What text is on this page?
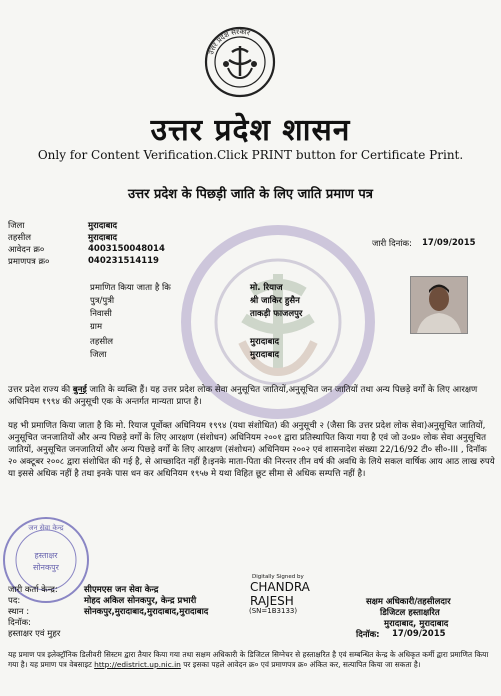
उत्तर प्रदेश सरकार
उत्तर प्रदेश शासन
Only for Content Verification.Click PRINT button for Certificate Print.
उत्तर प्रदेश के पिछड़ी जाति के लिए जाति प्रमाण पत्र
जिला	मुरादाबाद
तहसील	मुरादाबाद
आवेदन क्र०	4003150048014
प्रमाणपत्र क्र०	040231514119
जारी दिनांक: 17/09/2015
प्रमाणित किया जाता है कि	मो. रियाज
पुत्र/पुत्री	श्री जाकिर हुसैन
निवासी	ताकड़ी फाजलपुर
ग्राम
तहसील	मुरादाबाद
जिला	मुरादाबाद
उत्तर प्रदेश राज्य की बुनई जाति के व्यक्ति हैं। यह उत्तर प्रदेश लोक सेवा अनुसूचित जातियों,अनुसूचित जन जातियों तथा अन्य पिछड़े वर्गों के लिए आरक्षण अधिनियम १९९४ की अनुसूची एक के अन्तर्गत मान्यता प्राप्त है।
यह भी प्रमाणित किया जाता है कि मो. रियाज पूर्वोक्त अधिनियम १९९४ (यथा संशोधित) की अनुसूची २ (जैसा कि उत्तर प्रदेश लोक सेवा)अनुसूचित जातियों, अनुसूचित जनजातियों और अन्य पिछड़े वर्गों के लिए आरक्षण (संशोधन) अधिनियम २००१ द्वारा प्रतिस्थापित किया गया है एवं जो उ०प्र० लोक सेवा अनुसूचित जातियों, अनुसूचित जनजातियों और अन्य पिछड़े वर्गों के लिए आरक्षण (संशोधन) अधिनियम २००२ एवं शासनादेश संख्या 22/16/92 टी० सी०-III , दिनॉक २० अक्टूबर २००८ द्वारा संशोधित की गई है, से आच्छादित नहीं है।इनके माता-पिता की निरन्तर तीन वर्ष की अवधि के लिये सकल वार्षिक आय आठ लाख रुपये या इससे अधिक नहीं है तथा इनके पास धन कर अधिनियम १९५७ मे यथा विहित छूट सीमा से अधिक सम्पत्ति नहीं है।
जन सेवा केन्द्र
हस्ताक्षर
सोनकपुर
जारी कर्ता केन्द्र:	सीएमएस जन सेवा केन्द्र
पद:	मोहद अकिल सोनकपुर, केन्द्र प्रभारी
स्थान :	सोनकपुर,मुरादाबाद,मुरादाबाद,मुरादाबाद
दिनॉक:
हस्ताक्षर एवं मुहर
Digitally Signed by
CHANDRA
RAJESH
(SN=1B3133)
सक्षम अधिकारी/तहसीलदार
डिजिटल हस्ताक्षरित
मुरादाबाद, मुरादाबाद
दिनॉक: 17/09/2015
यह प्रमाण पत्र इलेक्ट्रॉनिक डिलीवरी सिस्टम द्वारा तैयार किया गया तथा सक्षम अधिकारी के डिजिटल सिग्नेचर से हस्ताक्षरित है एवं सम्बन्धित केन्द्र के अधिकृत कर्मी द्वारा प्रमाणित किया गया है। यह प्रमाण पत्र वेबसाइट http://edistrict.up.nic.in पर इसका पहले आवेदन क्र० एवं प्रमाणपत्र क्र० अंकित कर, सत्यापित किया जा सकता है।
